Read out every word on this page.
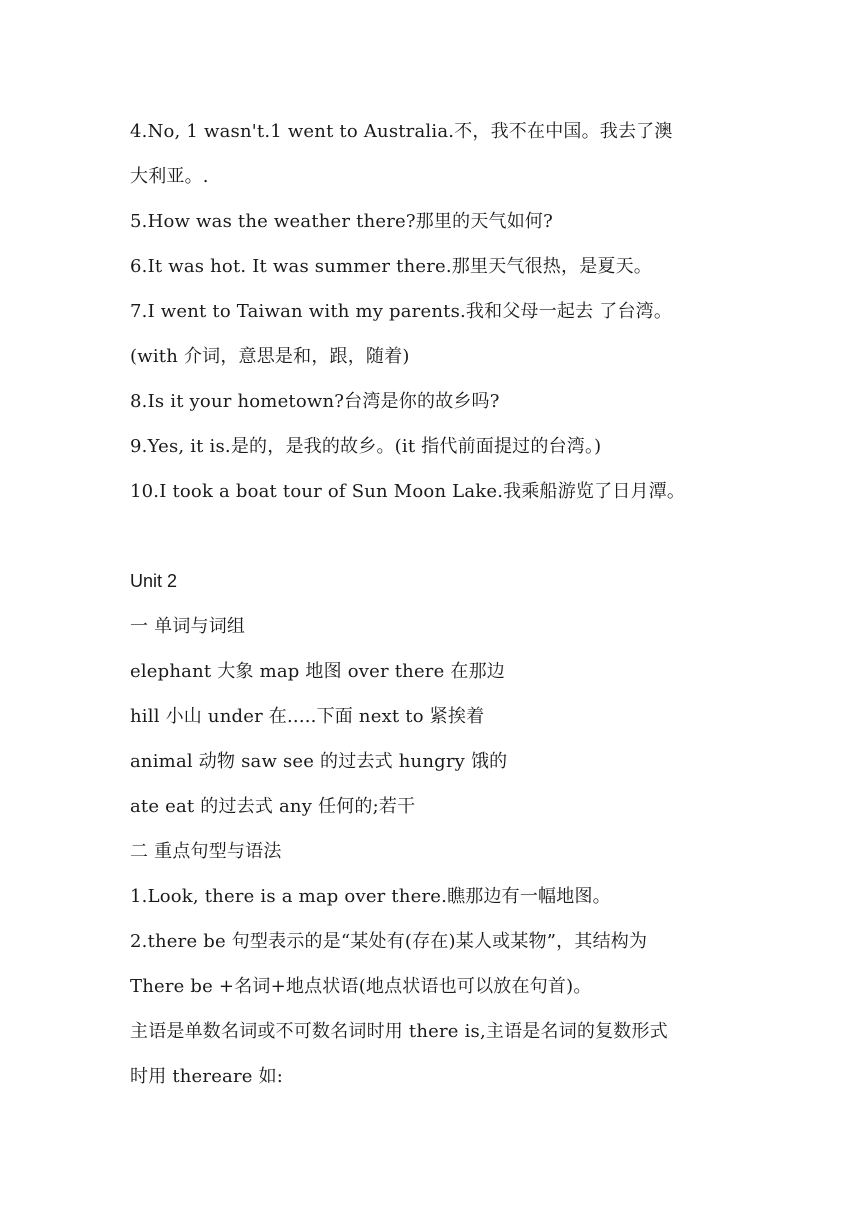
4.No, 1 wasn't.1 went to Australia.不，我不在中国。我去了澳
大利亚。.
5.How was the weather there?那里的天气如何?
6.It was hot. It was summer there.那里天气很热，是夏天。
7.I went to Taiwan with my parents.我和父母一起去 了台湾。
(with 介词，意思是和，跟，随着)
8.Is it your hometown?台湾是你的故乡吗?
9.Yes, it is.是的，是我的故乡。(it 指代前面提过的台湾。)
10.I took a boat tour of Sun Moon Lake.我乘船游览了日月潭。
Unit 2
一 单词与词组
elephant 大象 map 地图 over there 在那边
hill 小山 under 在.....下面 next to 紧挨着
animal 动物 saw see 的过去式 hungry 饿的
ate eat 的过去式 any 任何的;若干
二 重点句型与语法
1.Look, there is a map over there.瞧那边有一幅地图。
2.there be 句型表示的是“某处有(存在)某人或某物”，其结构为
There be +名词+地点状语(地点状语也可以放在句首)。
主语是单数名词或不可数名词时用 there is,主语是名词的复数形式
时用 thereare 如:
